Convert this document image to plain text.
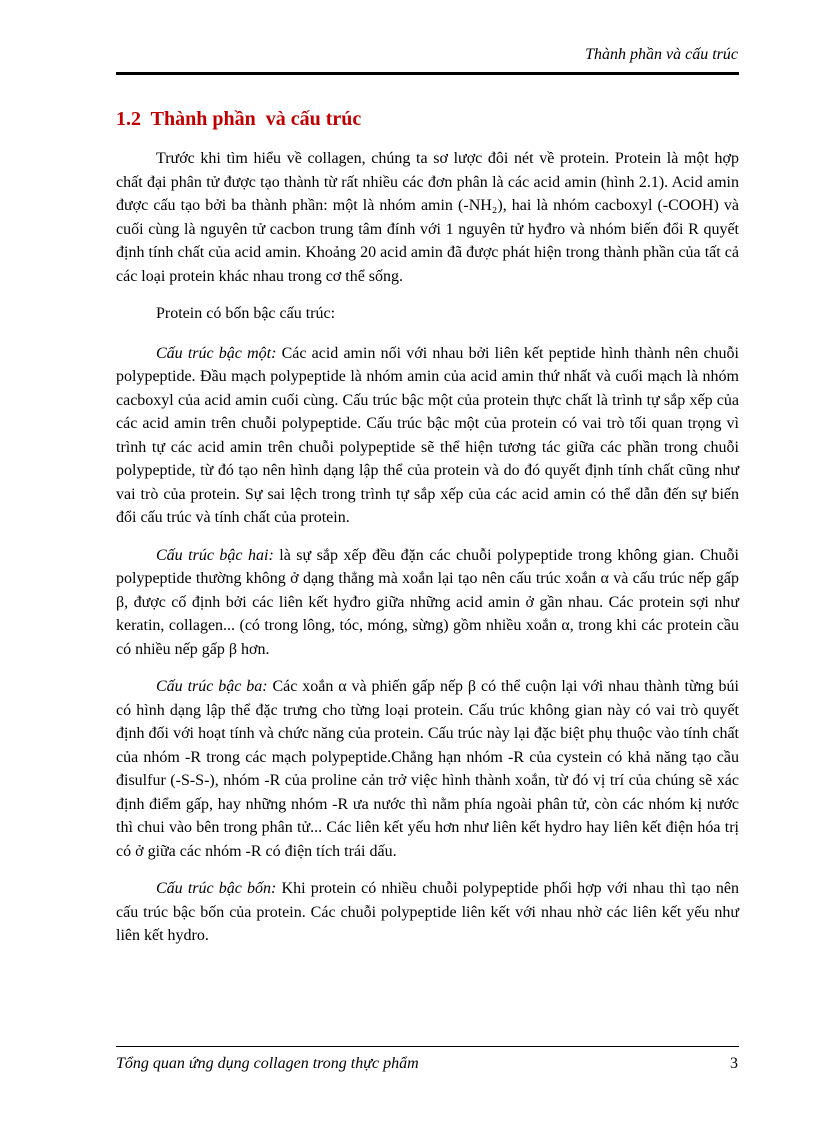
Thành phần và cấu trúc
1.2  Thành phần  và cấu trúc

Trước khi tìm hiểu về collagen, chúng ta sơ lược đôi nét về protein. Protein là một hợp chất đại phân tử được tạo thành từ rất nhiều các đơn phân là các acid amin (hình 2.1). Acid amin được cấu tạo bởi ba thành phần: một là nhóm amin (-NH₂), hai là nhóm cacboxyl (-COOH) và cuối cùng là nguyên tử cacbon trung tâm đính với 1 nguyên tử hyđro và nhóm biến đổi R quyết định tính chất của acid amin. Khoảng 20 acid amin đã được phát hiện trong thành phần của tất cả các loại protein khác nhau trong cơ thể sống.

Protein có bốn bậc cấu trúc:

Cấu trúc bậc một: Các acid amin nối với nhau bởi liên kết peptide hình thành nên chuỗi polypeptide. Đầu mạch polypeptide là nhóm amin của acid amin thứ nhất và cuối mạch là nhóm cacboxyl của acid amin cuối cùng. Cấu trúc bậc một của protein thực chất là trình tự sắp xếp của các acid amin trên chuỗi polypeptide. Cấu trúc bậc một của protein có vai trò tối quan trọng vì trình tự các acid amin trên chuỗi polypeptide sẽ thể hiện tương tác giữa các phần trong chuỗi polypeptide, từ đó tạo nên hình dạng lập thể của protein và do đó quyết định tính chất cũng như vai trò của protein. Sự sai lệch trong trình tự sắp xếp của các acid amin có thể dẫn đến sự biến đổi cấu trúc và tính chất của protein.

Cấu trúc bậc hai: là sự sắp xếp đều đặn các chuỗi polypeptide trong không gian. Chuỗi polypeptide thường không ở dạng thẳng mà xoắn lại tạo nên cấu trúc xoắn α và cấu trúc nếp gấp β, được cố định bởi các liên kết hyđro giữa những acid amin ở gần nhau. Các protein sợi như keratin, collagen... (có trong lông, tóc, móng, sừng) gồm nhiều xoắn α, trong khi các protein cầu có nhiều nếp gấp β hơn.

Cấu trúc bậc ba: Các xoắn α và phiến gấp nếp β có thể cuộn lại với nhau thành từng búi có hình dạng lập thể đặc trưng cho từng loại protein. Cấu trúc không gian này có vai trò quyết định đối với hoạt tính và chức năng của protein. Cấu trúc này lại đặc biệt phụ thuộc vào tính chất của nhóm -R trong các mạch polypeptide.Chẳng hạn nhóm -R của cystein có khả năng tạo cầu đisulfur (-S-S-), nhóm -R của proline cản trở việc hình thành xoắn, từ đó vị trí của chúng sẽ xác định điểm gấp, hay những nhóm -R ưa nước thì nằm phía ngoài phân tử, còn các nhóm kị nước thì chui vào bên trong phân tử... Các liên kết yếu hơn như liên kết hydro hay liên kết điện hóa trị có ở giữa các nhóm -R có điện tích trái dấu.

Cấu trúc bậc bốn: Khi protein có nhiều chuỗi polypeptide phối hợp với nhau thì tạo nên cấu trúc bậc bốn của protein. Các chuỗi polypeptide liên kết với nhau nhờ các liên kết yếu như liên kết hydro.

Tổng quan ứng dụng collagen trong thực phẩm	3
